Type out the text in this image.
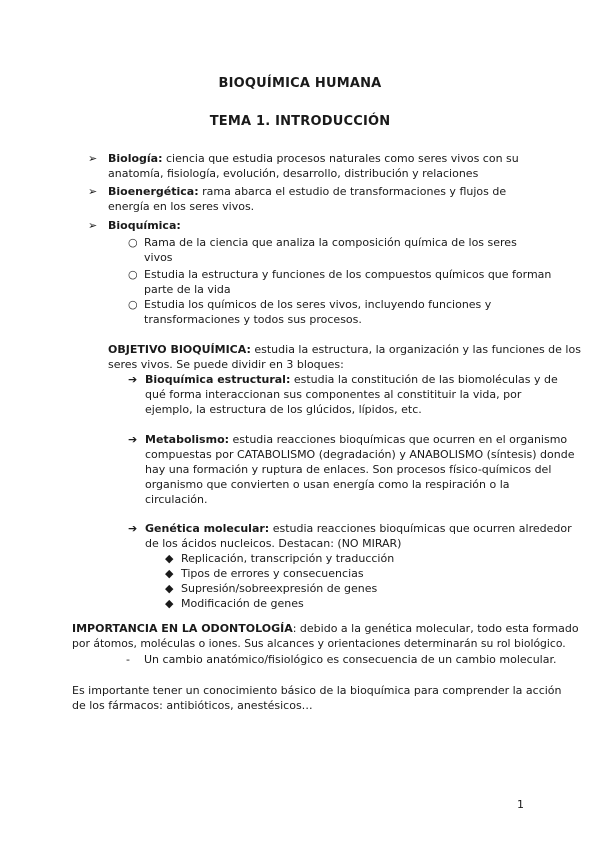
BIOQUÍMICA HUMANA
TEMA 1. INTRODUCCIÓN
➢ Biología: ciencia que estudia procesos naturales como seres vivos con su
anatomía, fisiología, evolución, desarrollo, distribución y relaciones
➢ Bioenergética: rama abarca el estudio de transformaciones y flujos de
energía en los seres vivos.
➢ Bioquímica:
○ Rama de la ciencia que analiza la composición química de los seres
vivos
○ Estudia la estructura y funciones de los compuestos químicos que forman
parte de la vida
○ Estudia los químicos de los seres vivos, incluyendo funciones y
transformaciones y todos sus procesos.
OBJETIVO BIOQUÍMICA: estudia la estructura, la organización y las funciones de los
seres vivos. Se puede dividir en 3 bloques:
➔ Bioquímica estructural: estudia la constitución de las biomoléculas y de
qué forma interaccionan sus componentes al constitituir la vida, por
ejemplo, la estructura de los glúcidos, lípidos, etc.
➔ Metabolismo: estudia reacciones bioquímicas que ocurren en el organismo
compuestas por CATABOLISMO (degradación) y ANABOLISMO (síntesis) donde
hay una formación y ruptura de enlaces. Son procesos físico-químicos del
organismo que convierten o usan energía como la respiración o la
circulación.
➔ Genética molecular: estudia reacciones bioquímicas que ocurren alrededor
de los ácidos nucleicos. Destacan: (NO MIRAR)
◆ Replicación, transcripción y traducción
◆ Tipos de errores y consecuencias
◆ Supresión/sobreexpresión de genes
◆ Modificación de genes
IMPORTANCIA EN LA ODONTOLOGÍA: debido a la genética molecular, todo esta formado
por átomos, moléculas o iones. Sus alcances y orientaciones determinarán su rol biológico.
- Un cambio anatómico/fisiológico es consecuencia de un cambio molecular.
Es importante tener un conocimiento básico de la bioquímica para comprender la acción
de los fármacos: antibióticos, anestésicos…
1
